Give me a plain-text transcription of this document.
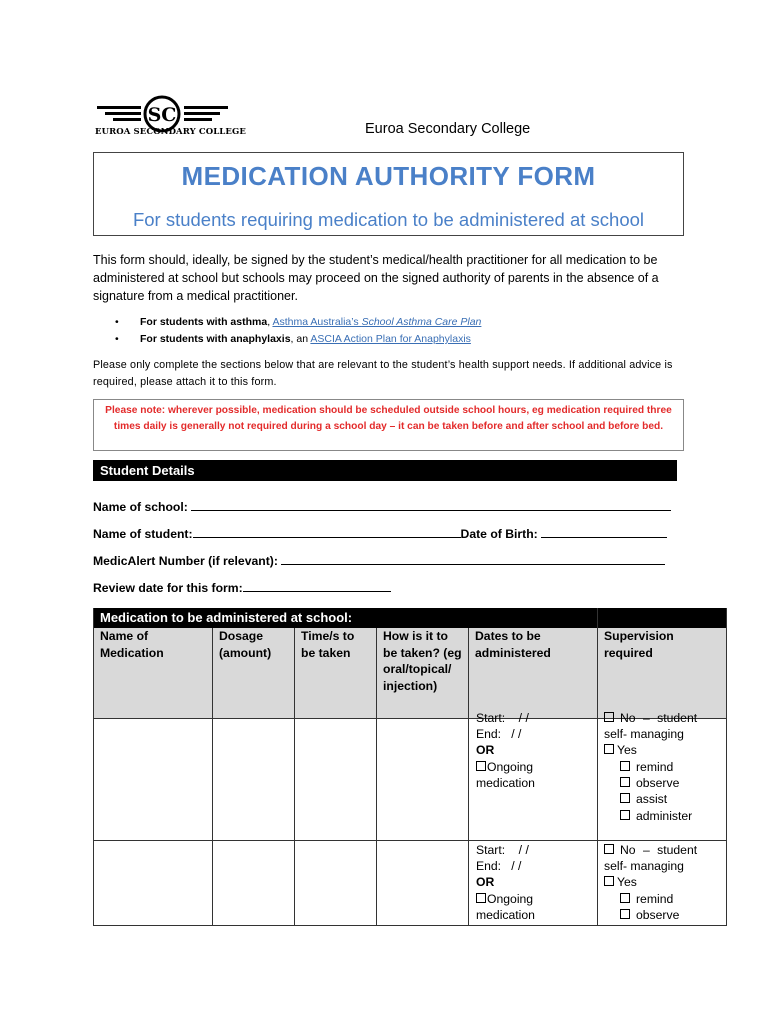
SC
EUROA SECONDARY COLLEGE	Euroa Secondary College
MEDICATION AUTHORITY FORM
For students requiring medication to be administered at school
This form should, ideally, be signed by the student’s medical/health practitioner for all medication to be administered at school but schools may proceed on the signed authority of parents in the absence of a signature from a medical practitioner.
• For students with asthma, Asthma Australia’s School Asthma Care Plan
• For students with anaphylaxis, an ASCIA Action Plan for Anaphylaxis
Please only complete the sections below that are relevant to the student’s health support needs. If additional advice is required, please attach it to this form.
Please note: wherever possible, medication should be scheduled outside school hours, eg medication required three times daily is generally not required during a school day – it can be taken before and after school and before bed.
Student Details
Name of school:
Name of student:	Date of Birth:
MedicAlert Number (if relevant):
Review date for this form:
Medication to be administered at school:
Name of Medication
Dosage (amount)
Time/s to be taken
How is it to be taken? (eg oral/topical/ injection)
Dates to be administered
Supervision required
Start: / /
End: / /
OR
Ongoing
medication
No – student
self- managing
Yes
remind
observe
assist
administer
Start: / /
End: / /
OR
Ongoing
medication
No – student
self- managing
Yes
remind
observe
